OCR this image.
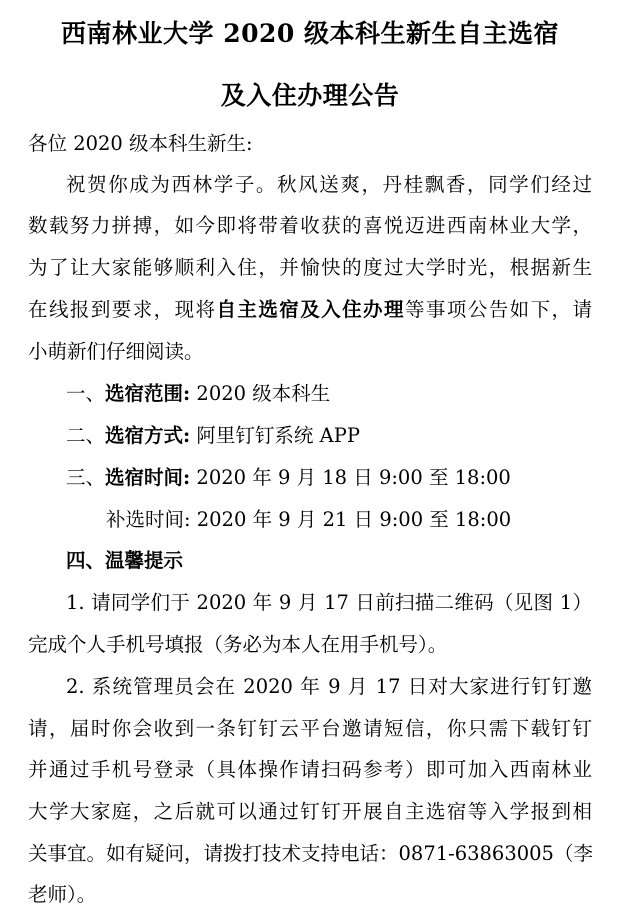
西南林业大学 2020 级本科生新生自主选宿
及入住办理公告
各位 2020 级本科生新生:
祝贺你成为西林学子。秋风送爽，丹桂飘香，同学们经过
数载努力拼搏，如今即将带着收获的喜悦迈进西南林业大学，
为了让大家能够顺利入住，并愉快的度过大学时光，根据新生
在线报到要求，现将自主选宿及入住办理等事项公告如下，请
小萌新们仔细阅读。
一、选宿范围: 2020 级本科生
二、选宿方式: 阿里钉钉系统 APP
三、选宿时间: 2020 年 9 月 18 日 9:00 至 18:00
补选时间: 2020 年 9 月 21 日 9:00 至 18:00
四、温馨提示
1. 请同学们于 2020 年 9 月 17 日前扫描二维码（见图 1）
完成个人手机号填报（务必为本人在用手机号）。
2. 系统管理员会在 2020 年 9 月 17 日对大家进行钉钉邀
请，届时你会收到一条钉钉云平台邀请短信，你只需下载钉钉
并通过手机号登录（具体操作请扫码参考）即可加入西南林业
大学大家庭，之后就可以通过钉钉开展自主选宿等入学报到相
关事宜。如有疑问，请拨打技术支持电话：0871-63863005（李
老师）。
